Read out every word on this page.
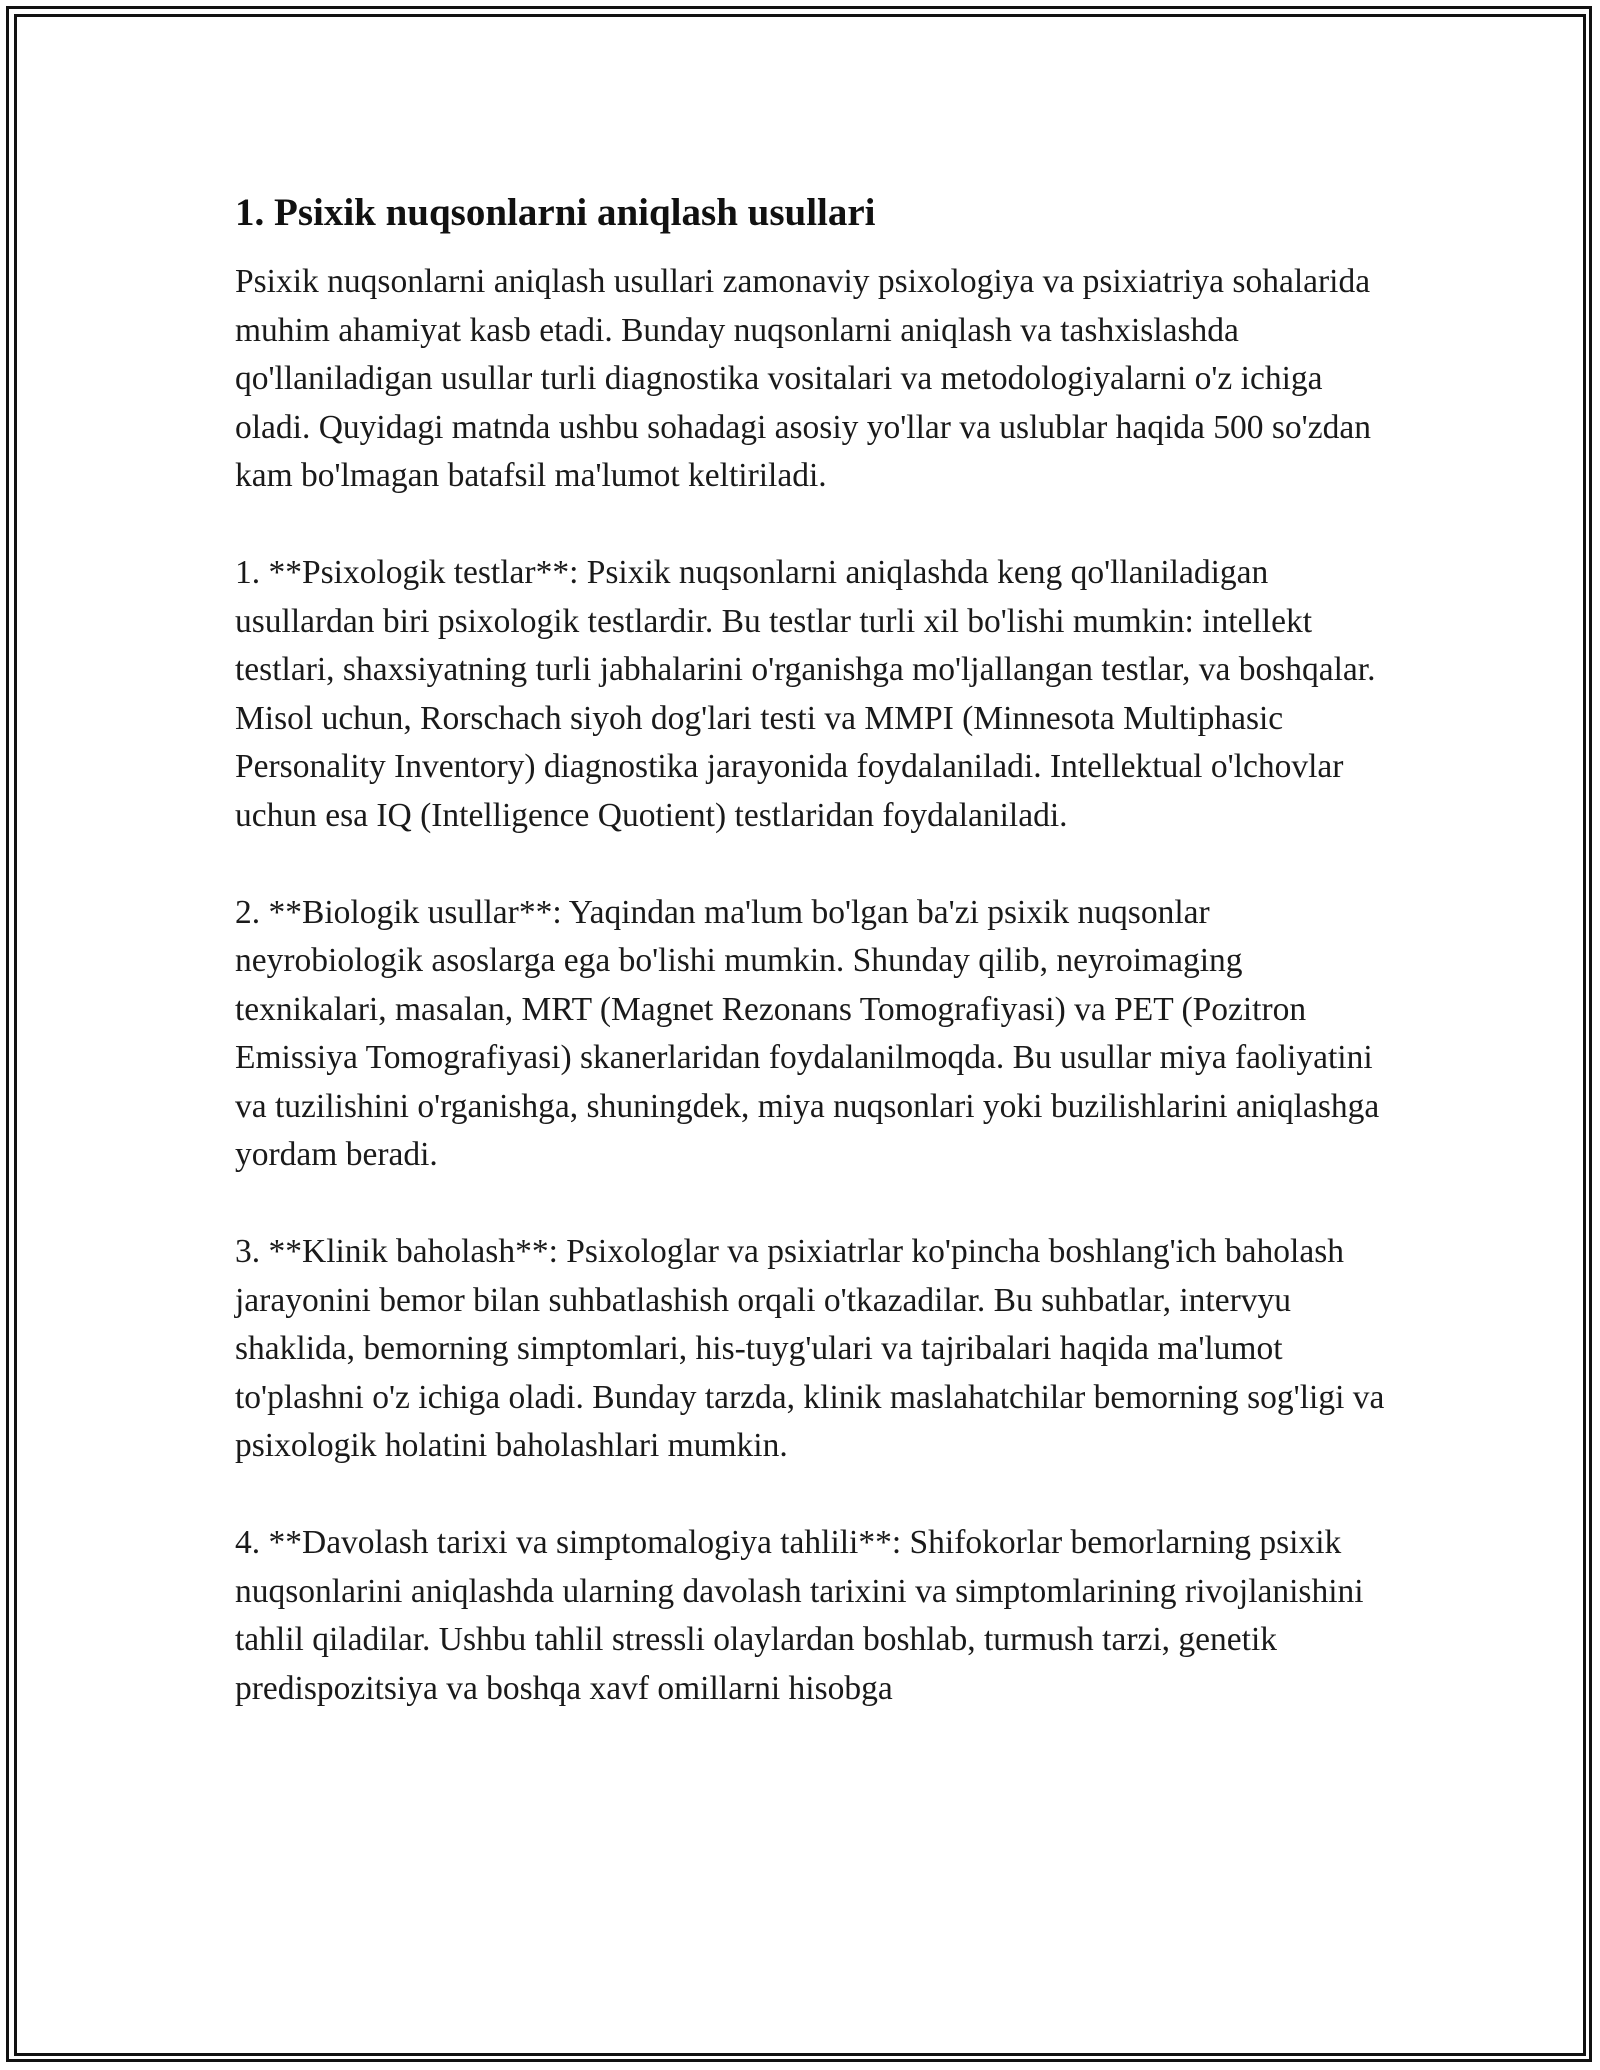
1. Psixik nuqsonlarni aniqlash usullari

Psixik nuqsonlarni aniqlash usullari zamonaviy psixologiya va psixiatriya sohalarida muhim ahamiyat kasb etadi. Bunday nuqsonlarni aniqlash va tashxislashda qo'llaniladigan usullar turli diagnostika vositalari va metodologiyalarni o'z ichiga oladi. Quyidagi matnda ushbu sohadagi asosiy yo'llar va uslublar haqida 500 so'zdan kam bo'lmagan batafsil ma'lumot keltiriladi.

1. **Psixologik testlar**: Psixik nuqsonlarni aniqlashda keng qo'llaniladigan usullardan biri psixologik testlardir. Bu testlar turli xil bo'lishi mumkin: intellekt testlari, shaxsiyatning turli jabhalarini o'rganishga mo'ljallangan testlar, va boshqalar. Misol uchun, Rorschach siyoh dog'lari testi va MMPI (Minnesota Multiphasic Personality Inventory) diagnostika jarayonida foydalaniladi. Intellektual o'lchovlar uchun esa IQ (Intelligence Quotient) testlaridan foydalaniladi.

2. **Biologik usullar**: Yaqindan ma'lum bo'lgan ba'zi psixik nuqsonlar neyrobiologik asoslarga ega bo'lishi mumkin. Shunday qilib, neyroimaging texnikalari, masalan, MRT (Magnet Rezonans Tomografiyasi) va PET (Pozitron Emissiya Tomografiyasi) skanerlaridan foydalanilmoqda. Bu usullar miya faoliyatini va tuzilishini o'rganishga, shuningdek, miya nuqsonlari yoki buzilishlarini aniqlashga yordam beradi.

3. **Klinik baholash**: Psixologlar va psixiatrlar ko'pincha boshlang'ich baholash jarayonini bemor bilan suhbatlashish orqali o'tkazadilar. Bu suhbatlar, intervyu shaklida, bemorning simptomlari, his-tuyg'ulari va tajribalari haqida ma'lumot to'plashni o'z ichiga oladi. Bunday tarzda, klinik maslahatchilar bemorning sog'ligi va psixologik holatini baholashlari mumkin.

4. **Davolash tarixi va simptomalogiya tahlili**: Shifokorlar bemorlarning psixik nuqsonlarini aniqlashda ularning davolash tarixini va simptomlarining rivojlanishini tahlil qiladilar. Ushbu tahlil stressli olaylardan boshlab, turmush tarzi, genetik predispozitsiya va boshqa xavf omillarni hisobga
